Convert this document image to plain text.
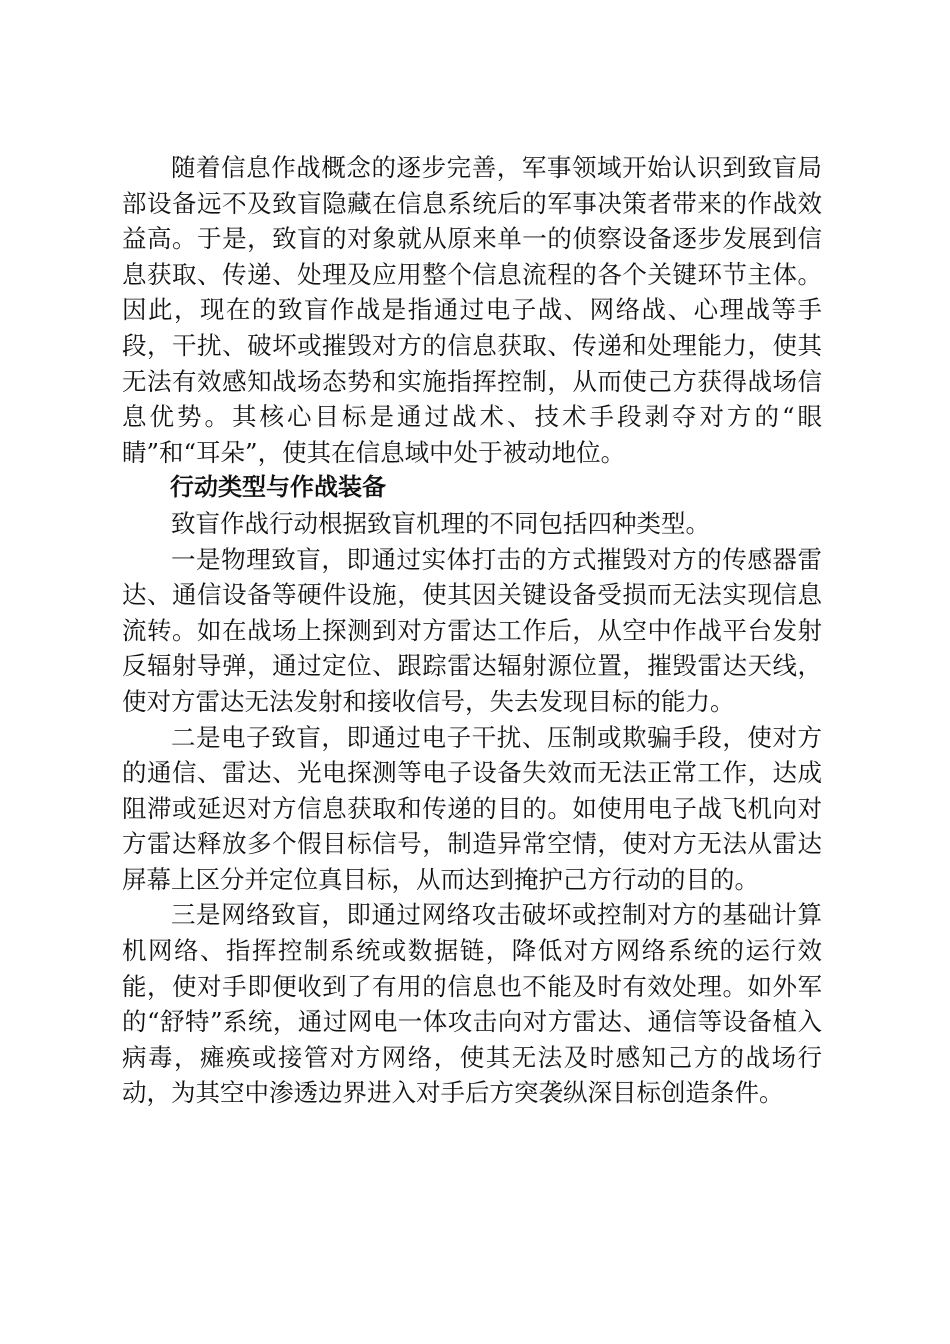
随着信息作战概念的逐步完善，军事领域开始认识到致盲局部设备远不及致盲隐藏在信息系统后的军事决策者带来的作战效益高。于是，致盲的对象就从原来单一的侦察设备逐步发展到信息获取、传递、处理及应用整个信息流程的各个关键环节主体。因此，现在的致盲作战是指通过电子战、网络战、心理战等手段，干扰、破坏或摧毁对方的信息获取、传递和处理能力，使其无法有效感知战场态势和实施指挥控制，从而使己方获得战场信息优势。其核心目标是通过战术、技术手段剥夺对方的“眼睛”和“耳朵”，使其在信息域中处于被动地位。

行动类型与作战装备

致盲作战行动根据致盲机理的不同包括四种类型。

一是物理致盲，即通过实体打击的方式摧毁对方的传感器雷达、通信设备等硬件设施，使其因关键设备受损而无法实现信息流转。如在战场上探测到对方雷达工作后，从空中作战平台发射反辐射导弹，通过定位、跟踪雷达辐射源位置，摧毁雷达天线，使对方雷达无法发射和接收信号，失去发现目标的能力。

二是电子致盲，即通过电子干扰、压制或欺骗手段，使对方的通信、雷达、光电探测等电子设备失效而无法正常工作，达成阻滞或延迟对方信息获取和传递的目的。如使用电子战飞机向对方雷达释放多个假目标信号，制造异常空情，使对方无法从雷达屏幕上区分并定位真目标，从而达到掩护己方行动的目的。

三是网络致盲，即通过网络攻击破坏或控制对方的基础计算机网络、指挥控制系统或数据链，降低对方网络系统的运行效能，使对手即便收到了有用的信息也不能及时有效处理。如外军的“舒特”系统，通过网电一体攻击向对方雷达、通信等设备植入病毒，瘫痪或接管对方网络，使其无法及时感知己方的战场行动，为其空中渗透边界进入对手后方突袭纵深目标创造条件。
